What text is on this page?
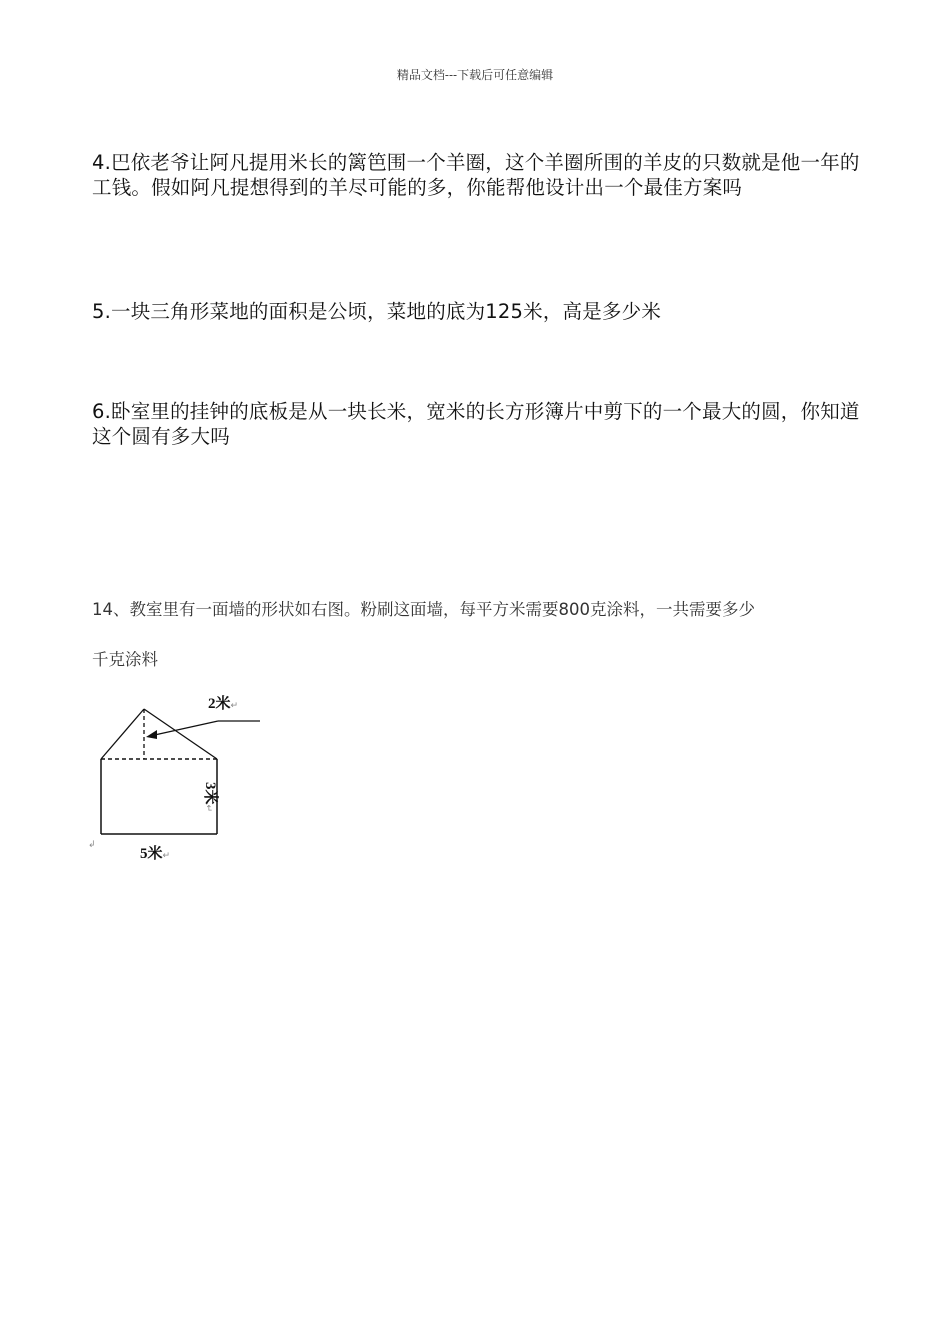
精品文档---下载后可任意编辑
4.巴依老爷让阿凡提用米长的篱笆围一个羊圈，这个羊圈所围的羊皮的只数就是他一年的工钱。假如阿凡提想得到的羊尽可能的多，你能帮他设计出一个最佳方案吗
5.一块三角形菜地的面积是公顷，菜地的底为125米，高是多少米
6.卧室里的挂钟的底板是从一块长米，宽米的长方形簿片中剪下的一个最大的圆，你知道这个圆有多大吗
14、教室里有一面墙的形状如右图。粉刷这面墙，每平方米需要800克涂料，一共需要多少
千克涂料
2米↵
3米↵
5米↵
↲
